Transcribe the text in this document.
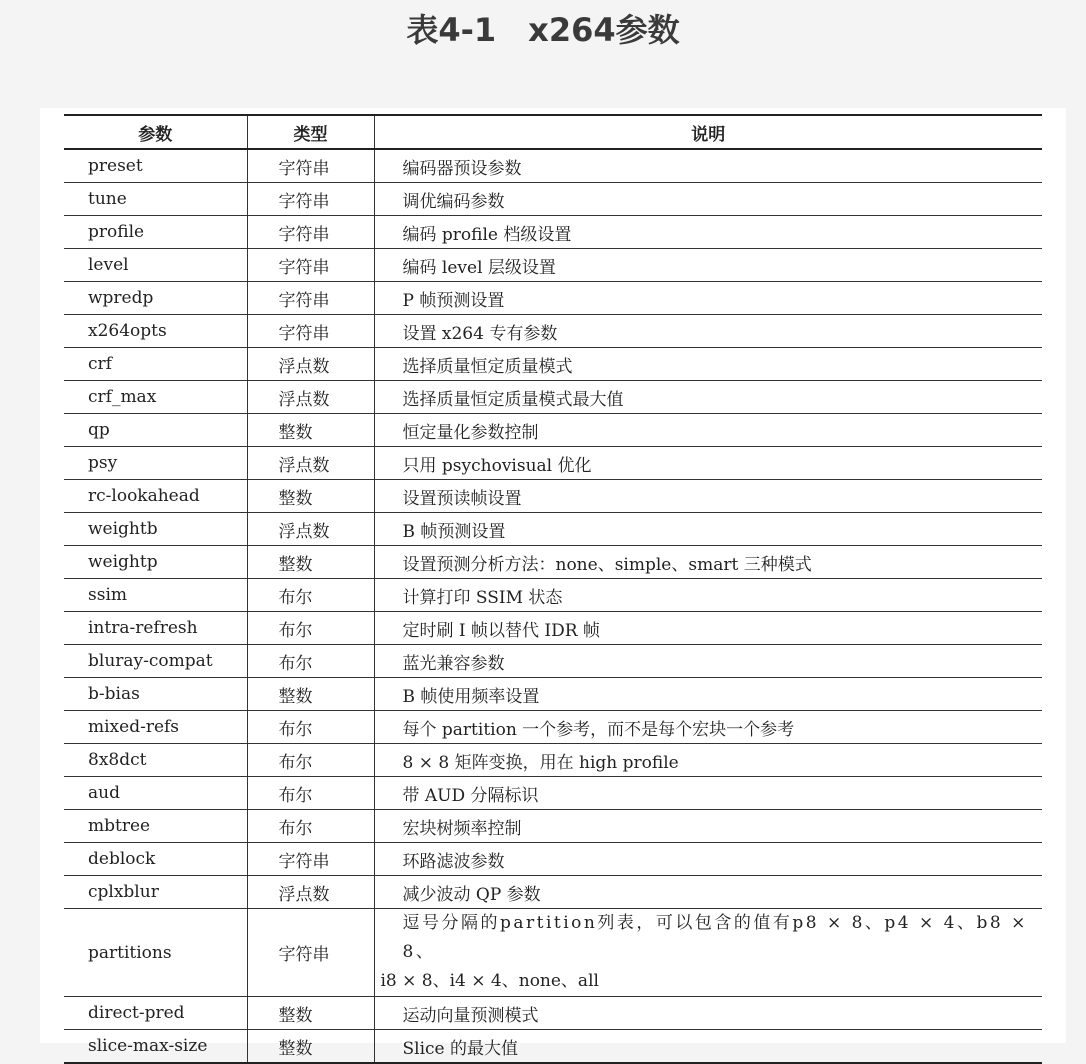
表4-1　x264参数
参数	类型	说明
preset	字符串	编码器预设参数
tune	字符串	调优编码参数
profile	字符串	编码 profile 档级设置
level	字符串	编码 level 层级设置
wpredp	字符串	P 帧预测设置
x264opts	字符串	设置 x264 专有参数
crf	浮点数	选择质量恒定质量模式
crf_max	浮点数	选择质量恒定质量模式最大值
qp	整数	恒定量化参数控制
psy	浮点数	只用 psychovisual 优化
rc-lookahead	整数	设置预读帧设置
weightb	浮点数	B 帧预测设置
weightp	整数	设置预测分析方法：none、simple、smart 三种模式
ssim	布尔	计算打印 SSIM 状态
intra-refresh	布尔	定时刷 I 帧以替代 IDR 帧
bluray-compat	布尔	蓝光兼容参数
b-bias	整数	B 帧使用频率设置
mixed-refs	布尔	每个 partition 一个参考，而不是每个宏块一个参考
8x8dct	布尔	8 × 8 矩阵变换，用在 high profile
aud	布尔	带 AUD 分隔标识
mbtree	布尔	宏块树频率控制
deblock	字符串	环路滤波参数
cplxblur	浮点数	减少波动 QP 参数
partitions	字符串	逗号分隔的partition列表，可以包含的值有p8 × 8、p4 × 4、b8 × 8、
i8 × 8、i4 × 4、none、all

direct-pred	整数	运动向量预测模式
slice-max-size	整数	Slice 的最大值
